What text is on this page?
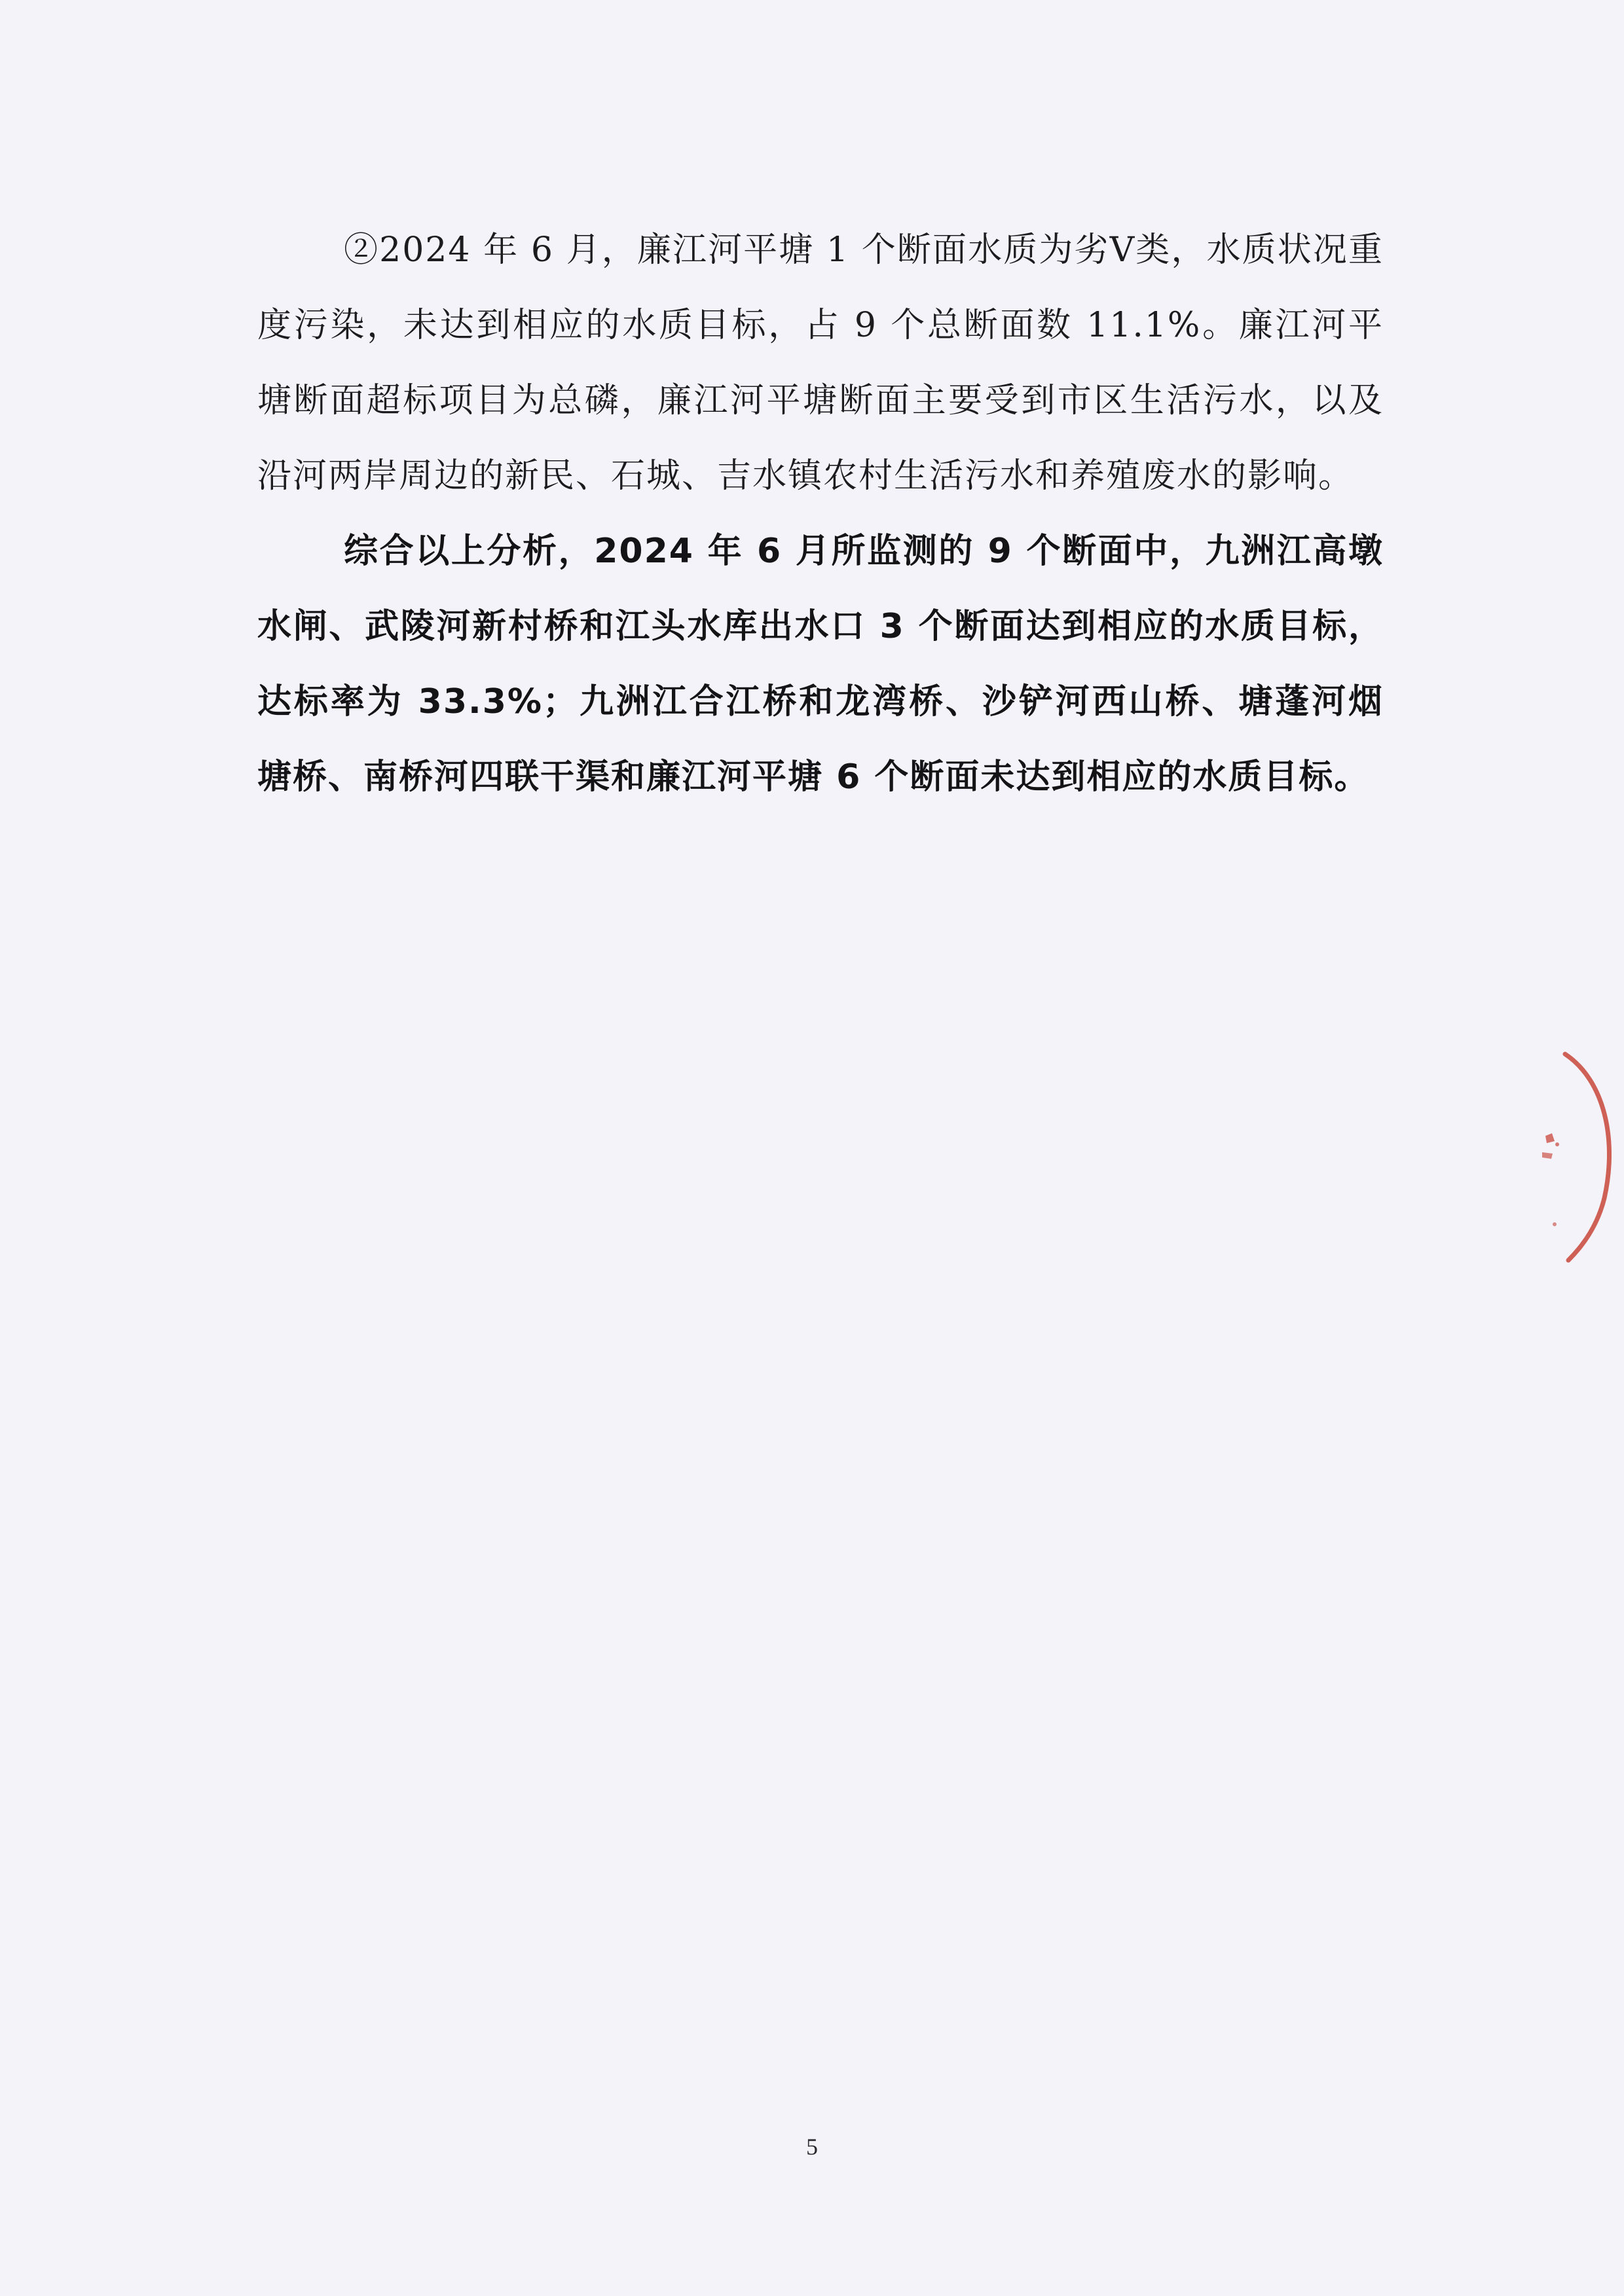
②2024 年 6 月，廉江河平塘 1 个断面水质为劣Ⅴ类，水质状况重度污染，未达到相应的水质目标，占 9 个总断面数 11.1%。廉江河平塘断面超标项目为总磷，廉江河平塘断面主要受到市区生活污水，以及沿河两岸周边的新民、石城、吉水镇农村生活污水和养殖废水的影响。

综合以上分析，2024 年 6 月所监测的 9 个断面中，九洲江高墩水闸、武陵河新村桥和江头水库出水口 3 个断面达到相应的水质目标，达标率为 33.3%；九洲江合江桥和龙湾桥、沙铲河西山桥、塘蓬河烟塘桥、南桥河四联干渠和廉江河平塘 6 个断面未达到相应的水质目标。

5
